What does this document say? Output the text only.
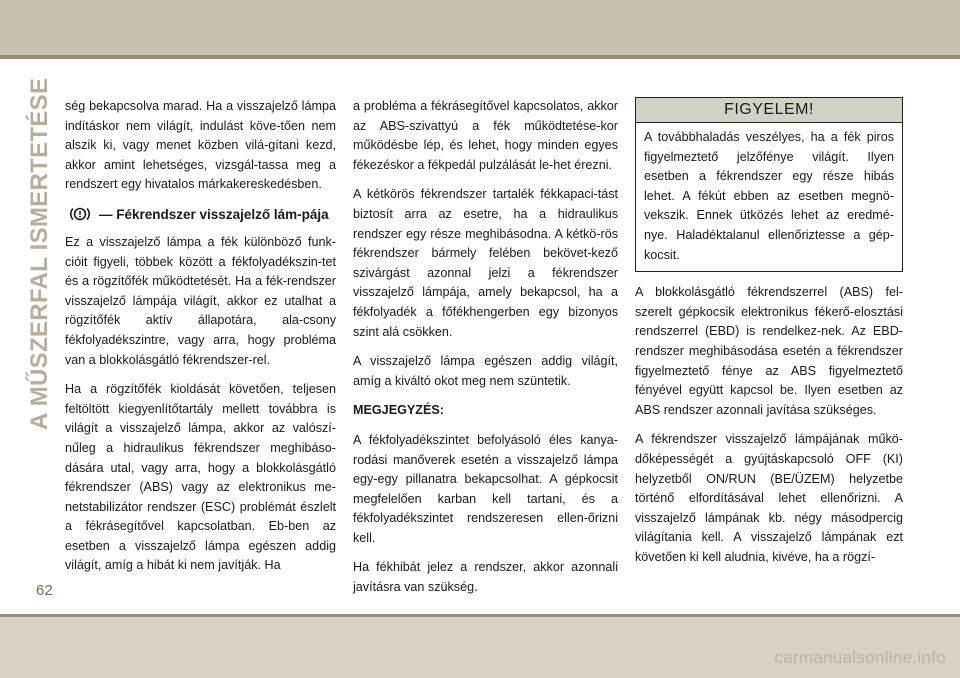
A MŰSZERFAL ISMERTETÉSE ség bekapcsolva marad. Ha a visszajelző lámpa indításkor nem világít, indulást köve-tően nem alszik ki, vagy menet közben vilá-gítani kezd, akkor amint lehetséges, vizsgál-tassa meg a rendszert egy hivatalos márkakereskedésben.

— Fékrendszer visszajelző lám-pája

Ez a visszajelző lámpa a fék különböző funk-cióit figyeli, többek között a fékfolyadékszin-tet és a rögzítőfék működtetését. Ha a fék-rendszer visszajelző lámpája világít, akkor ez utalhat a rögzítőfék aktív állapotára, ala-csony fékfolyadékszintre, vagy arra, hogy probléma van a blokkolásgátló fékrendszer-rel.

Ha a rögzítőfék kioldását követően, teljesen feltöltött kiegyenlítőtartály mellett továbbra is világít a visszajelző lámpa, akkor az valószí-nűleg a hidraulikus fékrendszer meghibáso-dására utal, vagy arra, hogy a blokkolásgátló fékrendszer (ABS) vagy az elektronikus me-netstabilizátor rendszer (ESC) problémát észlelt a fékrásegítővel kapcsolatban. Eb-ben az esetben a visszajelző lámpa egészen addig világít, amíg a hibát ki nem javítják. Ha

a probléma a fékrásegítővel kapcsolatos, akkor az ABS-szivattyú a fék működtetése-kor működésbe lép, és lehet, hogy minden egyes fékezéskor a fékpedál pulzálását le-het érezni.

A kétkörös fékrendszer tartalék fékkapaci-tást biztosít arra az esetre, ha a hidraulikus rendszer egy része meghibásodna. A kétkö-rös fékrendszer bármely felében bekövet-kező szivárgást azonnal jelzi a fékrendszer visszajelző lámpája, amely bekapcsol, ha a fékfolyadék a főfékhengerben egy bizonyos szint alá csökken.

A visszajelző lámpa egészen addig világít, amíg a kiváltó okot meg nem szüntetik.

MEGJEGYZÉS:

A fékfolyadékszintet befolyásoló éles kanya-rodási manőverek esetén a visszajelző lámpa egy-egy pillanatra bekapcsolhat. A gépkocsit megfelelően karban kell tartani, és a fékfolyadékszintet rendszeresen ellen-őrizni kell.

Ha fékhibát jelez a rendszer, akkor azonnali javításra van szükség.

FIGYELEM!
A továbbhaladás veszélyes, ha a fék piros figyelmeztető jelzőfénye világít. Ilyen esetben a fékrendszer egy része hibás lehet. A fékút ebben az esetben megnö-vekszik. Ennek ütközés lehet az eredmé-nye. Haladéktalanul ellenőriztesse a gép-kocsit.

A blokkolásgátló fékrendszerrel (ABS) fel-szerelt gépkocsik elektronikus fékerő-elosztási rendszerrel (EBD) is rendelkez-nek. Az EBD-rendszer meghibásodása esetén a fékrendszer figyelmeztető fénye az ABS figyelmeztető fényével együtt kapcsol be. Ilyen esetben az ABS rendszer azonnali javítása szükséges.

A fékrendszer visszajelző lámpájának műkö-dőképességét a gyújtáskapcsoló OFF (KI) helyzetből ON/RUN (BE/ÜZEM) helyzetbe történő elfordításával lehet ellenőrizni. A visszajelző lámpának kb. négy másodpercig világítania kell. A visszajelző lámpának ezt követően ki kell aludnia, kivéve, ha a rögzí-

62
carmanualsonline.info
